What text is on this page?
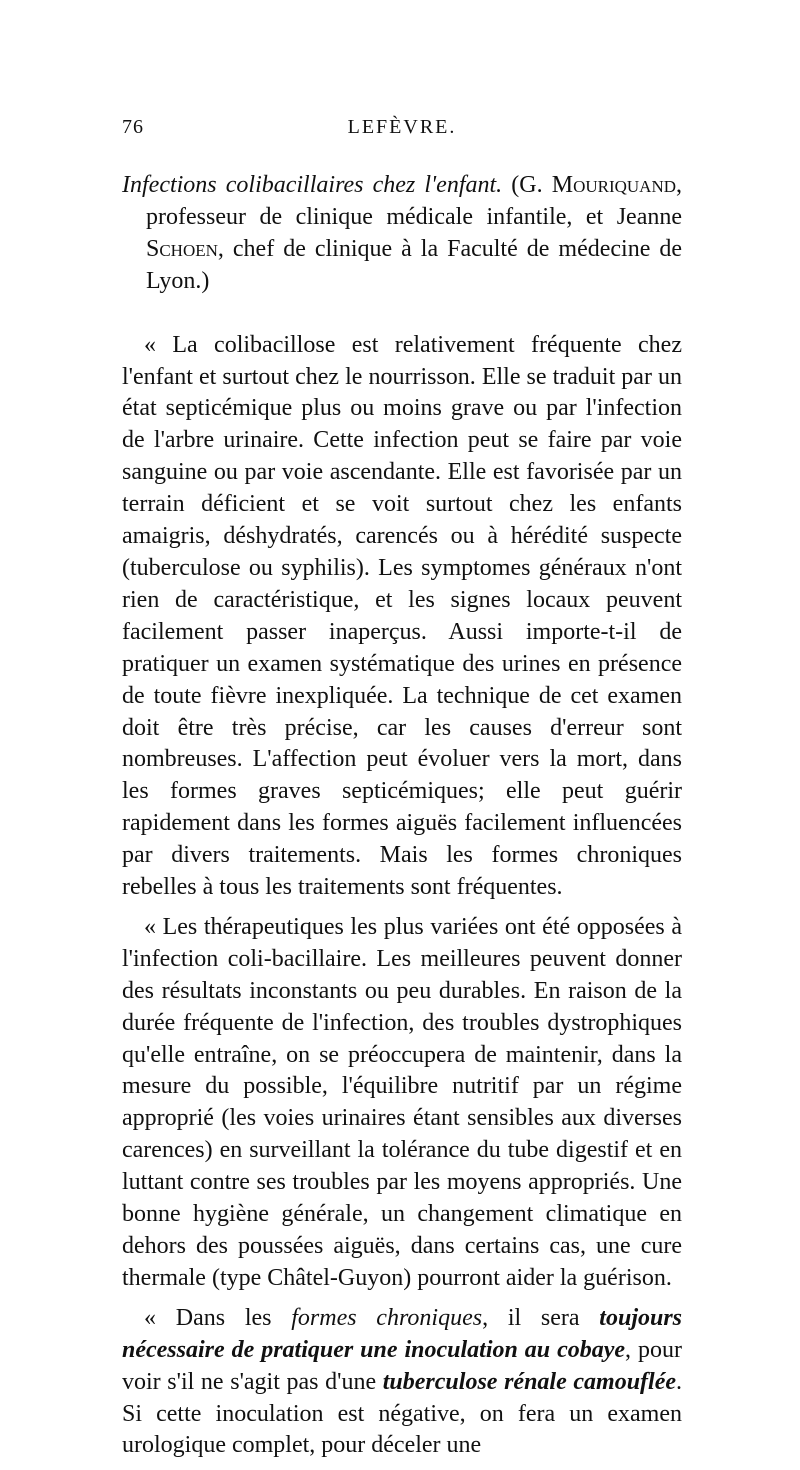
76	LEFÈVRE.

Infections colibacillaires chez l'enfant. (G. Mouriquand, professeur de clinique médicale infantile, et Jeanne Schoen, chef de clinique à la Faculté de médecine de Lyon.)

« La colibacillose est relativement fréquente chez l'enfant et surtout chez le nourrisson. Elle se traduit par un état septicémique plus ou moins grave ou par l'infection de l'arbre urinaire. Cette infection peut se faire par voie sanguine ou par voie ascendante. Elle est favorisée par un terrain déficient et se voit surtout chez les enfants amaigris, déshydratés, carencés ou à hérédité suspecte (tuberculose ou syphilis). Les symptomes généraux n'ont rien de caractéristique, et les signes locaux peuvent facilement passer inaperçus. Aussi importe-t-il de pratiquer un examen systématique des urines en présence de toute fièvre inexpliquée. La technique de cet examen doit être très précise, car les causes d'erreur sont nombreuses. L'affection peut évoluer vers la mort, dans les formes graves septicémiques; elle peut guérir rapidement dans les formes aiguës facilement influencées par divers traitements. Mais les formes chroniques rebelles à tous les traitements sont fréquentes.

« Les thérapeutiques les plus variées ont été opposées à l'infection coli-bacillaire. Les meilleures peuvent donner des résultats inconstants ou peu durables. En raison de la durée fréquente de l'infection, des troubles dystrophiques qu'elle entraîne, on se préoccupera de maintenir, dans la mesure du possible, l'équilibre nutritif par un régime approprié (les voies urinaires étant sensibles aux diverses carences) en surveillant la tolérance du tube digestif et en luttant contre ses troubles par les moyens appropriés. Une bonne hygiène générale, un changement climatique en dehors des poussées aiguës, dans certains cas, une cure thermale (type Châtel-Guyon) pourront aider la guérison.

« Dans les formes chroniques, il sera toujours nécessaire de pratiquer une inoculation au cobaye, pour voir s'il ne s'agit pas d'une tuberculose rénale camouflée. Si cette inoculation est négative, on fera un examen urologique complet, pour déceler une
